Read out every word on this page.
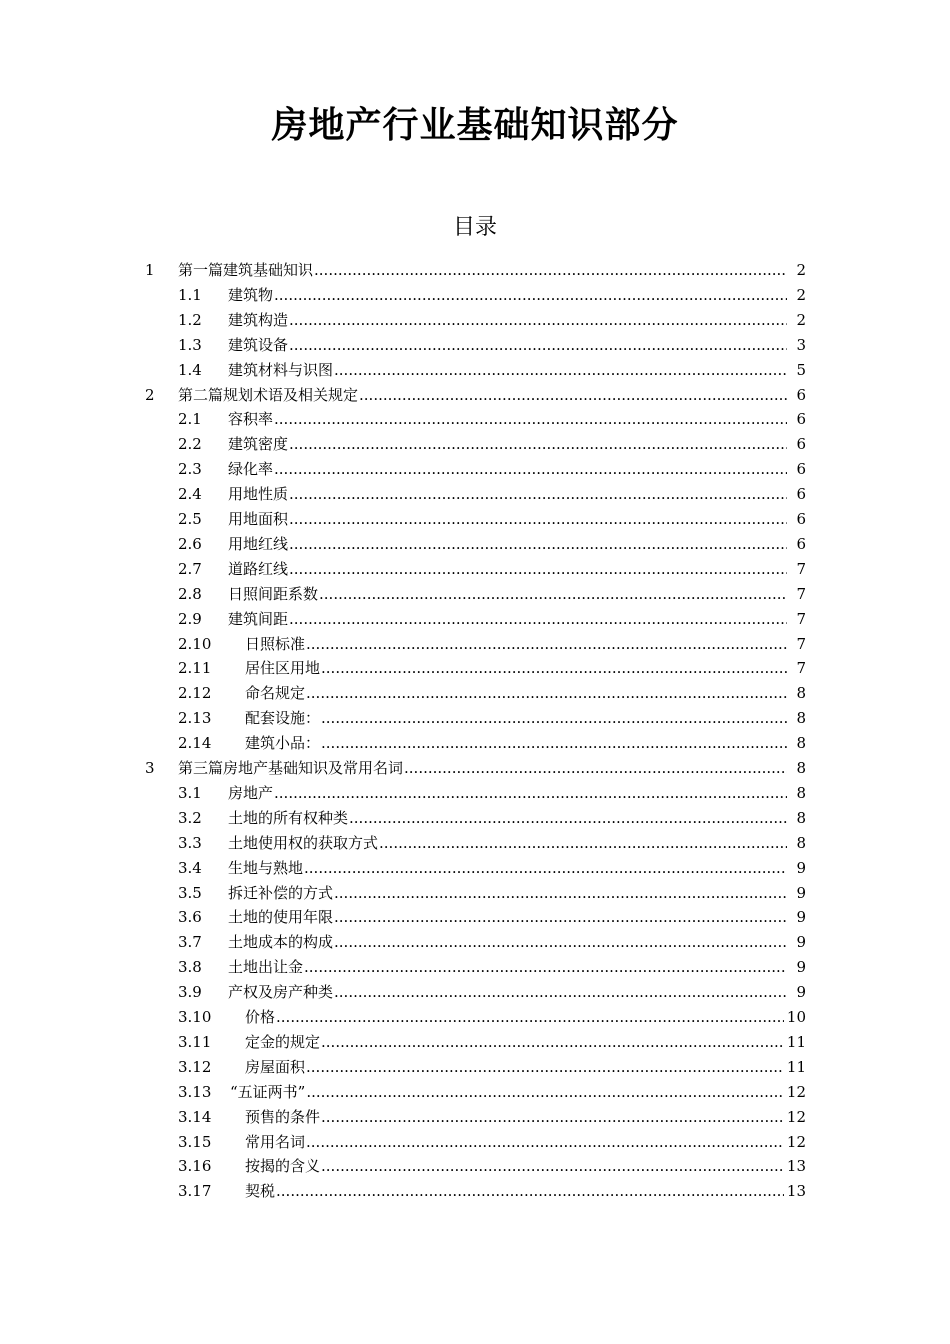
房地产行业基础知识部分
目录
1 第一篇建筑基础知识 .....	2
1.1 建筑物 .....	2
1.2 建筑构造 .....	2
1.3 建筑设备 .....	3
1.4 建筑材料与识图 .....	5
2 第二篇规划术语及相关规定 .....	6
2.1 容积率 .....	6
2.2 建筑密度 .....	6
2.3 绿化率 .....	6
2.4 用地性质 .....	6
2.5 用地面积 .....	6
2.6 用地红线 .....	6
2.7 道路红线 .....	7
2.8 日照间距系数 .....	7
2.9 建筑间距 .....	7
2.10 日照标准 .....	7
2.11 居住区用地 .....	7
2.12 命名规定 .....	8
2.13 配套设施： .....	8
2.14 建筑小品： .....	8
3 第三篇房地产基础知识及常用名词 .....	8
3.1 房地产 .....	8
3.2 土地的所有权种类 .....	8
3.3 土地使用权的获取方式 .....	8
3.4 生地与熟地 .....	9
3.5 拆迁补偿的方式 .....	9
3.6 土地的使用年限 .....	9
3.7 土地成本的构成 .....	9
3.8 土地出让金 .....	9
3.9 产权及房产种类 .....	9
3.10 价格 .....	10
3.11 定金的规定 .....	11
3.12 房屋面积 .....	11
3.13 “五证两书” .....	12
3.14 预售的条件 .....	12
3.15 常用名词 .....	12
3.16 按揭的含义 .....	13
3.17 契税 .....	13
